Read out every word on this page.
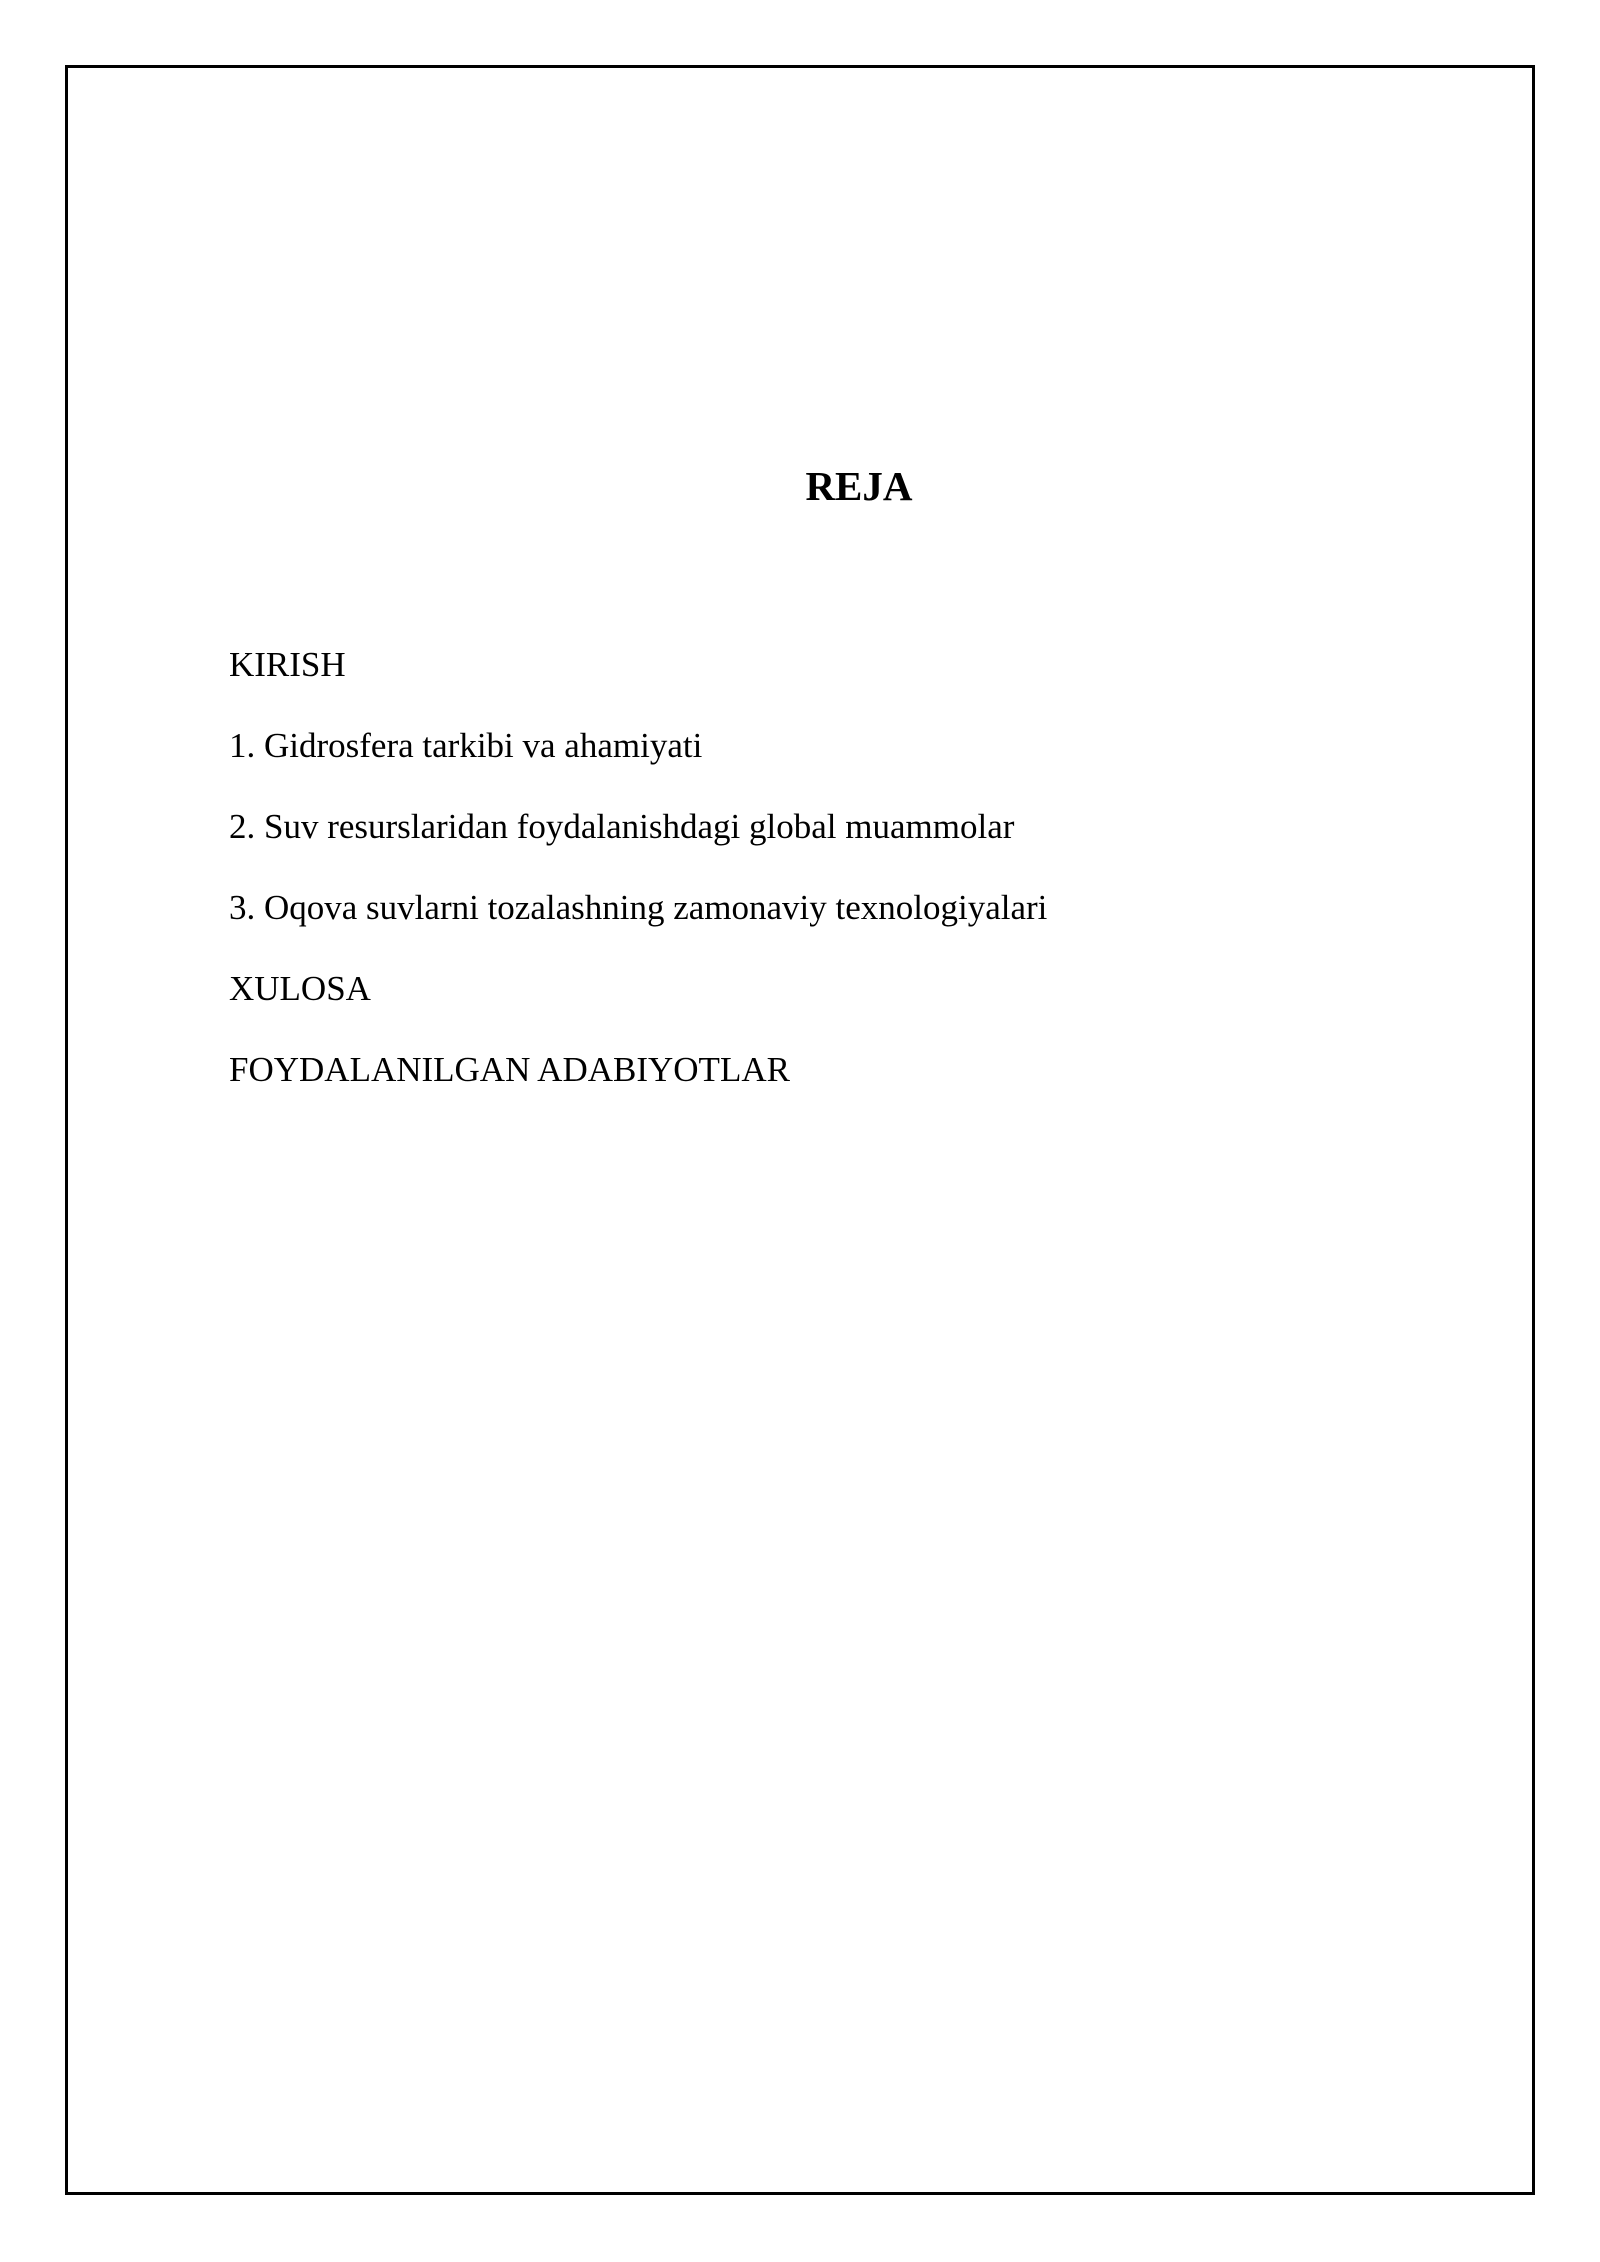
REJA
KIRISH
1. Gidrosfera tarkibi va ahamiyati
2. Suv resurslaridan foydalanishdagi global muammolar
3. Oqova suvlarni tozalashning zamonaviy texnologiyalari
XULOSA
FOYDALANILGAN ADABIYOTLAR
